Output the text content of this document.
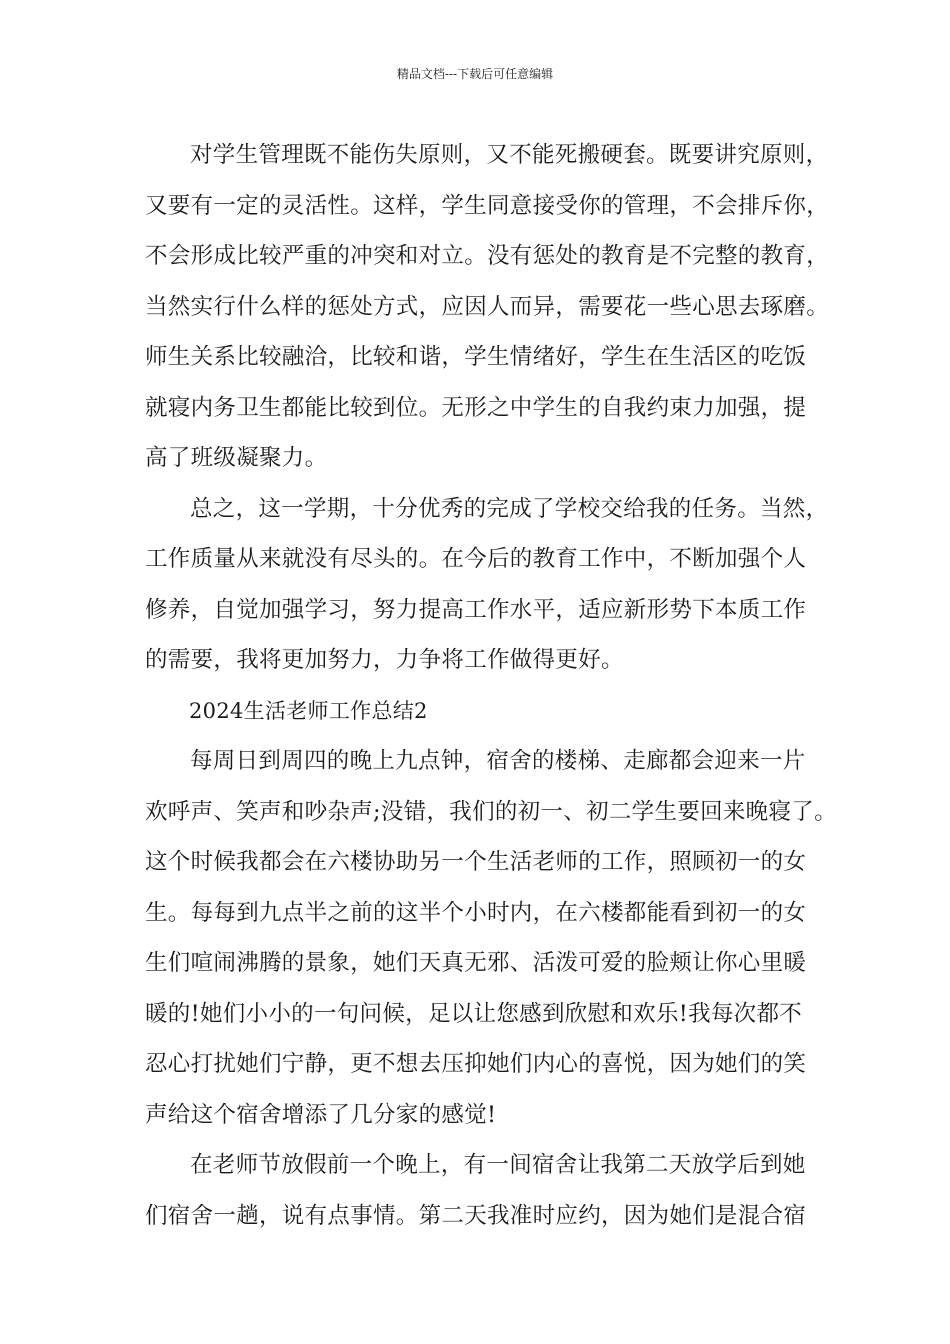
精品文档---下载后可任意编辑
对学生管理既不能伤失原则，又不能死搬硬套。既要讲究原则，
又要有一定的灵活性。这样，学生同意接受你的管理，不会排斥你，
不会形成比较严重的冲突和对立。没有惩处的教育是不完整的教育，
当然实行什么样的惩处方式，应因人而异，需要花一些心思去琢磨。
师生关系比较融洽，比较和谐，学生情绪好，学生在生活区的吃饭
就寝内务卫生都能比较到位。无形之中学生的自我约束力加强，提
高了班级凝聚力。
总之，这一学期，十分优秀的完成了学校交给我的任务。当然，
工作质量从来就没有尽头的。在今后的教育工作中，不断加强个人
修养，自觉加强学习，努力提高工作水平，适应新形势下本质工作
的需要，我将更加努力，力争将工作做得更好。
2024生活老师工作总结2
每周日到周四的晚上九点钟，宿舍的楼梯、走廊都会迎来一片
欢呼声、笑声和吵杂声;没错，我们的初一、初二学生要回来晚寝了。
这个时候我都会在六楼协助另一个生活老师的工作，照顾初一的女
生。每每到九点半之前的这半个小时内，在六楼都能看到初一的女
生们喧闹沸腾的景象，她们天真无邪、活泼可爱的脸颊让你心里暖
暖的!她们小小的一句问候，足以让您感到欣慰和欢乐!我每次都不
忍心打扰她们宁静，更不想去压抑她们内心的喜悦，因为她们的笑
声给这个宿舍增添了几分家的感觉!
在老师节放假前一个晚上，有一间宿舍让我第二天放学后到她
们宿舍一趟，说有点事情。第二天我准时应约，因为她们是混合宿
